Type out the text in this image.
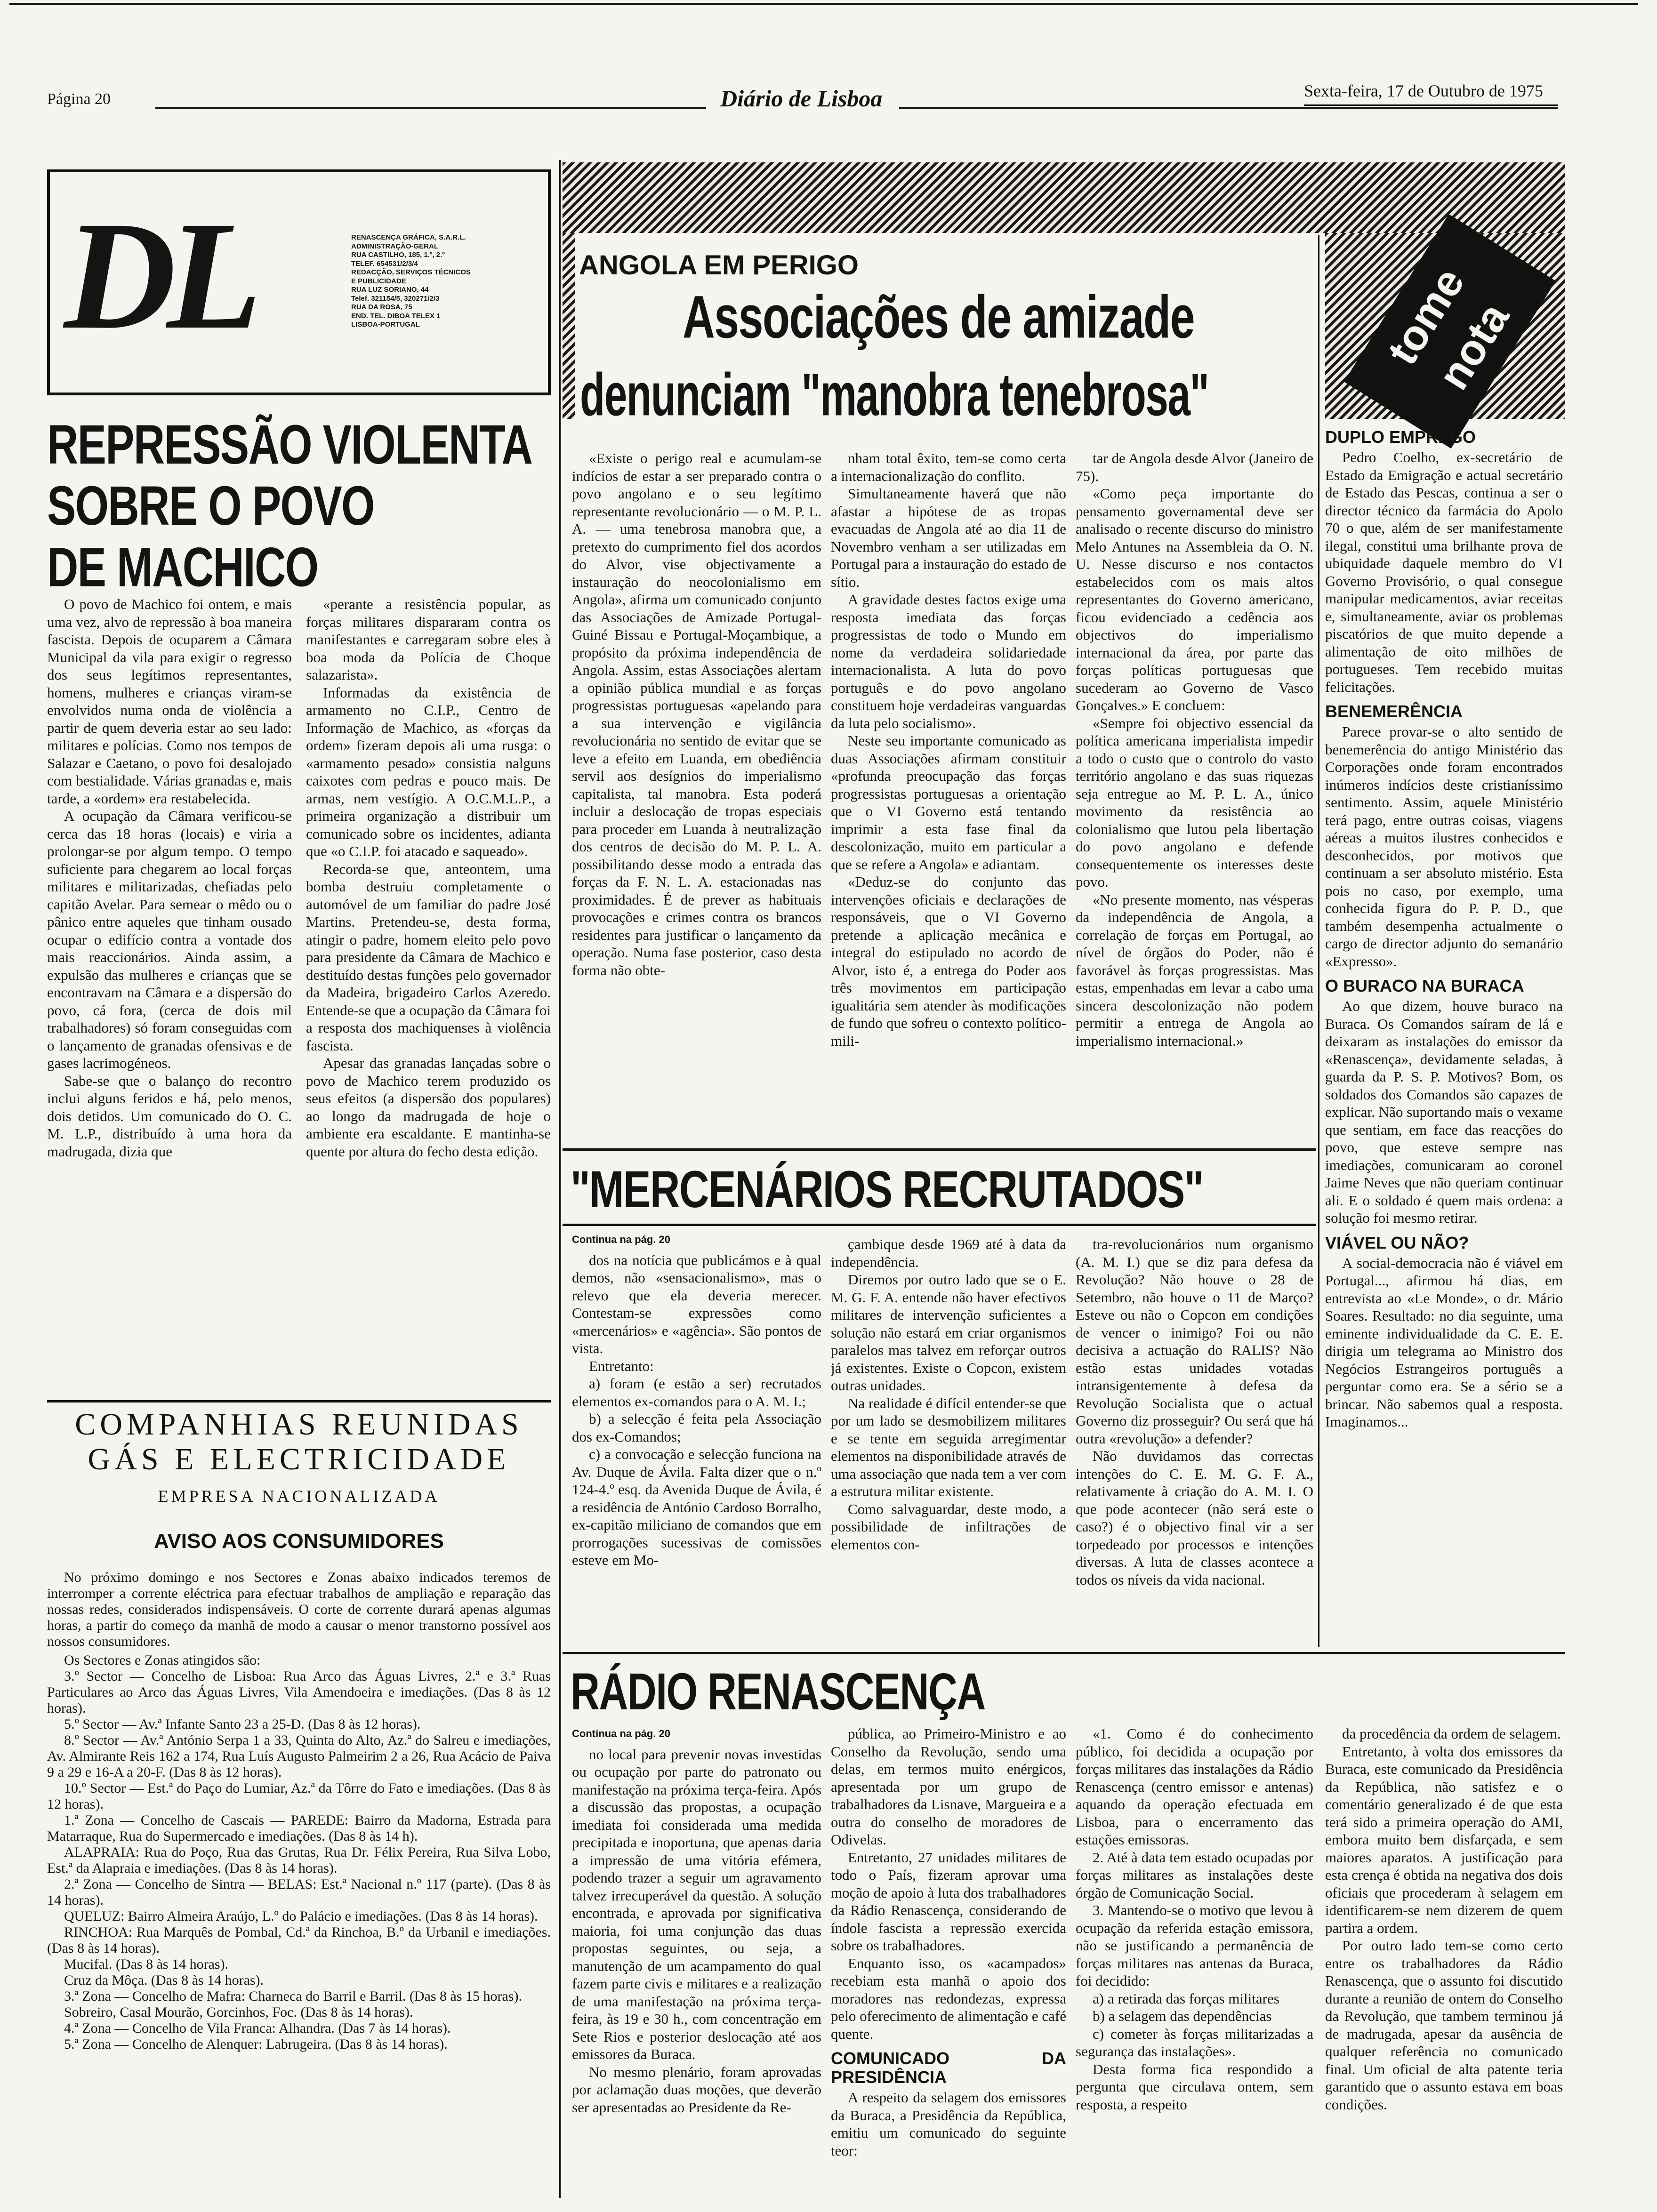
Página 20	Diário de Lisboa	Sexta-feira, 17 de Outubro de 1975
DL	RENASCENÇA GRÁFICA, S.A.R.L.
ADMINISTRAÇÃO-GERAL
RUA CASTILHO, 185, 1.º, 2.º
TELEF. 654531/2/3/4
REDACÇÃO, SERVIÇOS TÉCNICOS
E PUBLICIDADE
RUA LUZ SORIANO, 44
Telef. 321154/5, 320271/2/3
RUA DA ROSA, 75
END. TEL. DIBOA TELEX 1
LISBOA-PORTUGAL
REPRESSÃO VIOLENTA
SOBRE O POVO
DE MACHICO

O povo de Machico foi ontem, e mais uma vez, alvo de repressão à boa maneira fascista. Depois de ocuparem a Câmara Municipal da vila para exigir o regresso dos seus legítimos representantes, homens, mulheres e crianças viram-se envolvidos numa onda de violência a partir de quem deveria estar ao seu lado: militares e polícias. Como nos tempos de Salazar e Caetano, o povo foi desalojado com bestialidade. Várias granadas e, mais tarde, a «ordem» era restabelecida.

A ocupação da Câmara verificou-se cerca das 18 horas (locais) e viria a prolongar-se por algum tempo. O tempo suficiente para chegarem ao local forças militares e militarizadas, chefiadas pelo capitão Avelar. Para semear o mêdo ou o pânico entre aqueles que tinham ousado ocupar o edifício contra a vontade dos mais reaccionários. Ainda assim, a expulsão das mulheres e crianças que se encontravam na Câmara e a dispersão do povo, cá fora, (cerca de dois mil trabalhadores) só foram conseguidas com o lançamento de granadas ofensivas e de gases lacrimogéneos.

Sabe-se que o balanço do recontro inclui alguns feridos e há, pelo menos, dois detidos. Um comunicado do O. C. M. L.P., distribuído à uma hora da madrugada, dizia que

«perante a resistência popular, as forças militares dispararam contra os manifestantes e carregaram sobre eles à boa moda da Polícia de Choque salazarista».

Informadas da existência de armamento no C.I.P., Centro de Informação de Machico, as «forças da ordem» fizeram depois ali uma rusga: o «armamento pesado» consistia nalguns caixotes com pedras e pouco mais. De armas, nem vestígio. A O.C.M.L.P., a primeira organização a distribuir um comunicado sobre os incidentes, adianta que «o C.I.P. foi atacado e saqueado».

Recorda-se que, anteontem, uma bomba destruiu completamente o automóvel de um familiar do padre José Martins. Pretendeu-se, desta forma, atingir o padre, homem eleito pelo povo para presidente da Câmara de Machico e destituído destas funções pelo governador da Madeira, brigadeiro Carlos Azeredo. Entende-se que a ocupação da Câmara foi a resposta dos machiquenses à violência fascista.

Apesar das granadas lançadas sobre o povo de Machico terem produzido os seus efeitos (a dispersão dos populares) ao longo da madrugada de hoje o ambiente era escaldante. E mantinha-se quente por altura do fecho desta edição.

COMPANHIAS REUNIDAS
GÁS E ELECTRICIDADE
EMPRESA NACIONALIZADA
AVISO AOS CONSUMIDORES

No próximo domingo e nos Sectores e Zonas abaixo indicados teremos de interromper a corrente eléctrica para efectuar trabalhos de ampliação e reparação das nossas redes, considerados indispensáveis. O corte de corrente durará apenas algumas horas, a partir do começo da manhã de modo a causar o menor transtorno possível aos nossos consumidores.

Os Sectores e Zonas atingidos são:

3.º Sector — Concelho de Lisboa: Rua Arco das Águas Livres, 2.ª e 3.ª Ruas Particulares ao Arco das Águas Livres, Vila Amendoeira e imediações. (Das 8 às 12 horas).

5.º Sector — Av.ª Infante Santo 23 a 25-D. (Das 8 às 12 horas).

8.º Sector — Av.ª António Serpa 1 a 33, Quinta do Alto, Az.ª do Salreu e imediações, Av. Almirante Reis 162 a 174, Rua Luís Augusto Palmeirim 2 a 26, Rua Acácio de Paiva 9 a 29 e 16-A a 20-F. (Das 8 às 12 horas).

10.º Sector — Est.ª do Paço do Lumiar, Az.ª da Tôrre do Fato e imediações. (Das 8 às 12 horas).

1.ª Zona — Concelho de Cascais — PAREDE: Bairro da Madorna, Estrada para Matarraque, Rua do Supermercado e imediações. (Das 8 às 14 h).

ALAPRAIA: Rua do Poço, Rua das Grutas, Rua Dr. Félix Pereira, Rua Silva Lobo, Est.ª da Alapraia e imediações. (Das 8 às 14 horas).

2.ª Zona — Concelho de Sintra — BELAS: Est.ª Nacional n.º 117 (parte). (Das 8 às 14 horas).

QUELUZ: Bairro Almeira Araújo, L.º do Palácio e imediações. (Das 8 às 14 horas).

RINCHOA: Rua Marquês de Pombal, Cd.ª da Rinchoa, B.º da Urbanil e imediações. (Das 8 às 14 horas).

Mucifal. (Das 8 às 14 horas).

Cruz da Môça. (Das 8 às 14 horas).

3.ª Zona — Concelho de Mafra: Charneca do Barril e Barril. (Das 8 às 15 horas).

Sobreiro, Casal Mourão, Gorcinhos, Foc. (Das 8 às 14 horas).

4.ª Zona — Concelho de Vila Franca: Alhandra. (Das 7 às 14 horas).

5.ª Zona — Concelho de Alenquer: Labrugeira. (Das 8 às 14 horas).

ANGOLA EM PERIGO
Associações de amizade
denunciam "manobra tenebrosa"

«Existe o perigo real e acumulam-se indícios de estar a ser preparado contra o povo angolano e o seu legítimo representante revolucionário — o M. P. L. A. — uma tenebrosa manobra que, a pretexto do cumprimento fiel dos acordos do Alvor, vise objectivamente a instauração do neocolonialismo em Angola», afirma um comunicado conjunto das Associações de Amizade Portugal-Guiné Bissau e Portugal-Moçambique, a propósito da próxima independência de Angola. Assim, estas Associações alertam a opinião pública mundial e as forças progressistas portuguesas «apelando para a sua intervenção e vigilância revolucionária no sentido de evitar que se leve a efeito em Luanda, em obediência servil aos desígnios do imperialismo capitalista, tal manobra. Esta poderá incluir a deslocação de tropas especiais para proceder em Luanda à neutralização dos centros de decisão do M. P. L. A. possibilitando desse modo a entrada das forças da F. N. L. A. estacionadas nas proximidades. É de prever as habituais provocações e crimes contra os brancos residentes para justificar o lançamento da operação. Numa fase posterior, caso desta forma não obte-

nham total êxito, tem-se como certa a internacionalização do conflito.

Simultaneamente haverá que não afastar a hipótese de as tropas evacuadas de Angola até ao dia 11 de Novembro venham a ser utilizadas em Portugal para a instauração do estado de sítio.

A gravidade destes factos exige uma resposta imediata das forças progressistas de todo o Mundo em nome da verdadeira solidariedade internacionalista. A luta do povo português e do povo angolano constituem hoje verdadeiras vanguardas da luta pelo socialismo».

Neste seu importante comunicado as duas Associações afirmam constituir «profunda preocupação das forças progressistas portuguesas a orientação que o VI Governo está tentando imprimir a esta fase final da descolonização, muito em particular a que se refere a Angola» e adiantam.

«Deduz-se do conjunto das intervenções oficiais e declarações de responsáveis, que o VI Governo pretende a aplicação mecânica e integral do estipulado no acordo de Alvor, isto é, a entrega do Poder aos três movimentos em participação igualitária sem atender às modificações de fundo que sofreu o contexto político-mili-

tar de Angola desde Alvor (Janeiro de 75).

«Como peça importante do pensamento governamental deve ser analisado o recente discurso do ministro Melo Antunes na Assembleia da O. N. U. Nesse discurso e nos contactos estabelecidos com os mais altos representantes do Governo americano, ficou evidenciado a cedência aos objectivos do imperialismo internacional da área, por parte das forças políticas portuguesas que sucederam ao Governo de Vasco Gonçalves.» E concluem:

«Sempre foi objectivo essencial da política americana imperialista impedir a todo o custo que o controlo do vasto território angolano e das suas riquezas seja entregue ao M. P. L. A., único movimento da resistência ao colonialismo que lutou pela libertação do povo angolano e defende consequentemente os interesses deste povo.

«No presente momento, nas vésperas da independência de Angola, a correlação de forças em Portugal, ao nível de órgãos do Poder, não é favorável às forças progressistas. Mas estas, empenhadas em levar a cabo uma sincera descolonização não podem permitir a entrega de Angola ao imperialismo internacional.»

"MERCENÁRIOS RECRUTADOS"
Continua na pág. 20

dos na notícia que publicámos e à qual demos, não «sensacionalismo», mas o relevo que ela deveria merecer. Contestam-se expressões como «mercenários» e «agência». São pontos de vista.

Entretanto:

a) foram (e estão a ser) recrutados elementos ex-comandos para o A. M. I.;

b) a selecção é feita pela Associação dos ex-Comandos;

c) a convocação e selecção funciona na Av. Duque de Ávila. Falta dizer que o n.º 124-4.º esq. da Avenida Duque de Ávila, é a residência de António Cardoso Borralho, ex-capitão milicianο de comandos que em prorrogações sucessivas de comissões esteve em Mo-

çambique desde 1969 até à data da independência.

Diremos por outro lado que se o E. M. G. F. A. entende não haver efectivos militares de intervenção suficientes a solução não estará em criar organismos paralelos mas talvez em reforçar outros já existentes. Existe o Copcon, existem outras unidades.

Na realidade é difícil entender-se que por um lado se desmobilizem militares e se tente em seguida arregimentar elementos na disponibilidade através de uma associação que nada tem a ver com a estrutura militar existente.

Como salvaguardar, deste modo, a possibilidade de infiltrações de elementos con-

tra-revolucionários num organismo (A. M. I.) que se diz para defesa da Revolução? Não houve o 28 de Setembro, não houve o 11 de Março? Esteve ou não o Copcon em condições de vencer o inimigo? Foi ou não decisiva a actuação do RALIS? Não estão estas unidades votadas intransigentemente à defesa da Revolução Socialista que o actual Governo diz prosseguir? Ou será que há outra «revolução» a defender?

Não duvidamos das correctas intenções do C. E. M. G. F. A., relativamente à criação do A. M. I. O que pode acontecer (não será este o caso?) é o objectivo final vir a ser torpedeado por processos e intenções diversas. A luta de classes acontece a todos os níveis da vida nacional.

RÁDIO RENASCENÇA
Continua na pág. 20

no local para prevenir novas investidas ou ocupação por parte do patronato ou manifestação na próxima terça-feira. Após a discussão das propostas, a ocupação imediata foi considerada uma medida precipitada e inoportuna, que apenas daria a impressão de uma vitória efémera, podendo trazer a seguir um agravamento talvez irrecuperável da questão. A solução encontrada, e aprovada por significativa maioria, foi uma conjunção das duas propostas seguintes, ou seja, a manutenção de um acampamento do qual fazem parte civis e militares e a realização de uma manifestação na próxima terça-feira, às 19 e 30 h., com concentração em Sete Rios e posterior deslocação até aos emissores da Buraca.

No mesmo plenário, foram aprovadas por aclamação duas moções, que deverão ser apresentadas ao Presidente da Re-

pública, ao Primeiro-Ministro e ao Conselho da Revolução, sendo uma delas, em termos muito enérgicos, apresentada por um grupo de trabalhadores da Lisnave, Margueira e a outra do conselho de moradores de Odivelas.

Entretanto, 27 unidades militares de todo o País, fizeram aprovar uma moção de apoio à luta dos trabalhadores da Rádio Renascença, considerando de índole fascista a repressão exercida sobre os trabalhadores.

Enquanto isso, os «acampados» recebiam esta manhã o apoio dos moradores nas redondezas, expressa pelo oferecimento de alimentação e café quente.

COMUNICADO DA PRESIDÊNCIA

A respeito da selagem dos emissores da Buraca, a Presidência da República, emitiu um comunicado do seguinte teor:

«1. Como é do conhecimento público, foi decidida a ocupação por forças militares das instalações da Rádio Renascença (centro emissor e antenas) aquando da operação efectuada em Lisboa, para o encerramento das estações emissoras.

2. Até à data tem estado ocupadas por forças militares as instalações deste órgão de Comunicação Social.

3. Mantendo-se o motivo que levou à ocupação da referida estação emissora, não se justificando a permanência de forças militares nas antenas da Buraca, foi decidido:

a) a retirada das forças militares

b) a selagem das dependências

c) cometer às forças militarizadas a segurança das instalações».

Desta forma fica respondido a pergunta que circulava ontem, sem resposta, a respeito

da procedência da ordem de selagem.

Entretanto, à volta dos emissores da Buraca, este comunicado da Presidência da República, não satisfez e o comentário generalizado é de que esta terá sido a primeira operação do AMI, embora muito bem disfarçada, e sem maiores aparatos. A justificação para esta crença é obtida na negativa dos dois oficiais que procederam à selagem em identificarem-se nem dizerem de quem partira a ordem.

Por outro lado tem-se como certo entre os trabalhadores da Rádio Renascença, que o assunto foi discutido durante a reunião de ontem do Conselho da Revolução, que tambem terminou já de madrugada, apesar da ausência de qualquer referência no comunicado final. Um oficial de alta patente teria garantido que o assunto estava em boas condições.

tome nota
DUPLO EMPREGO

Pedro Coelho, ex-secretário de Estado da Emigração e actual secretário de Estado das Pescas, continua a ser o director técnico da farmácia do Apolo 70 o que, além de ser manifestamente ilegal, constitui uma brilhante prova de ubiquidade daquele membro do VI Governo Provisório, o qual consegue manipular medicamentos, aviar receitas e, simultaneamente, aviar os problemas piscatórios de que muito depende a alimentação de oito milhões de portugueses. Tem recebido muitas felicitações.

BENEMERÊNCIA

Parece provar-se o alto sentido de benemerência do antigo Ministério das Corporações onde foram encontrados inúmeros indícios deste cristianíssimo sentimento. Assim, aquele Ministério terá pago, entre outras coisas, viagens aéreas a muitos ilustres conhecidos e desconhecidos, por motivos que continuam a ser absoluto mistério. Esta pois no caso, por exemplo, uma conhecida figura do P. P. D., que também desempenha actualmente o cargo de director adjunto do semanário «Expresso».

O BURACO NA BURACA

Ao que dizem, houve buraco na Buraca. Os Comandos saíram de lá e deixaram as instalações do emissor da «Renascença», devidamente seladas, à guarda da P. S. P. Motivos? Bom, os soldados dos Comandos são capazes de explicar. Não suportando mais o vexame que sentiam, em face das reacções do povo, que esteve sempre nas imediações, comunicaram ao coronel Jaime Neves que não queriam continuar ali. E o soldado é quem mais ordena: a solução foi mesmo retirar.

VIÁVEL OU NÃO?

A social-democracia não é viável em Portugal..., afirmou há dias, em entrevista ao «Le Monde», o dr. Mário Soares. Resultado: no dia seguinte, uma eminente individualidade da C. E. E. dirigia um telegrama ao Ministro dos Negócios Estrangeiros português a perguntar como era. Se a sério se a brincar. Não sabemos qual a resposta. Imaginamos...
